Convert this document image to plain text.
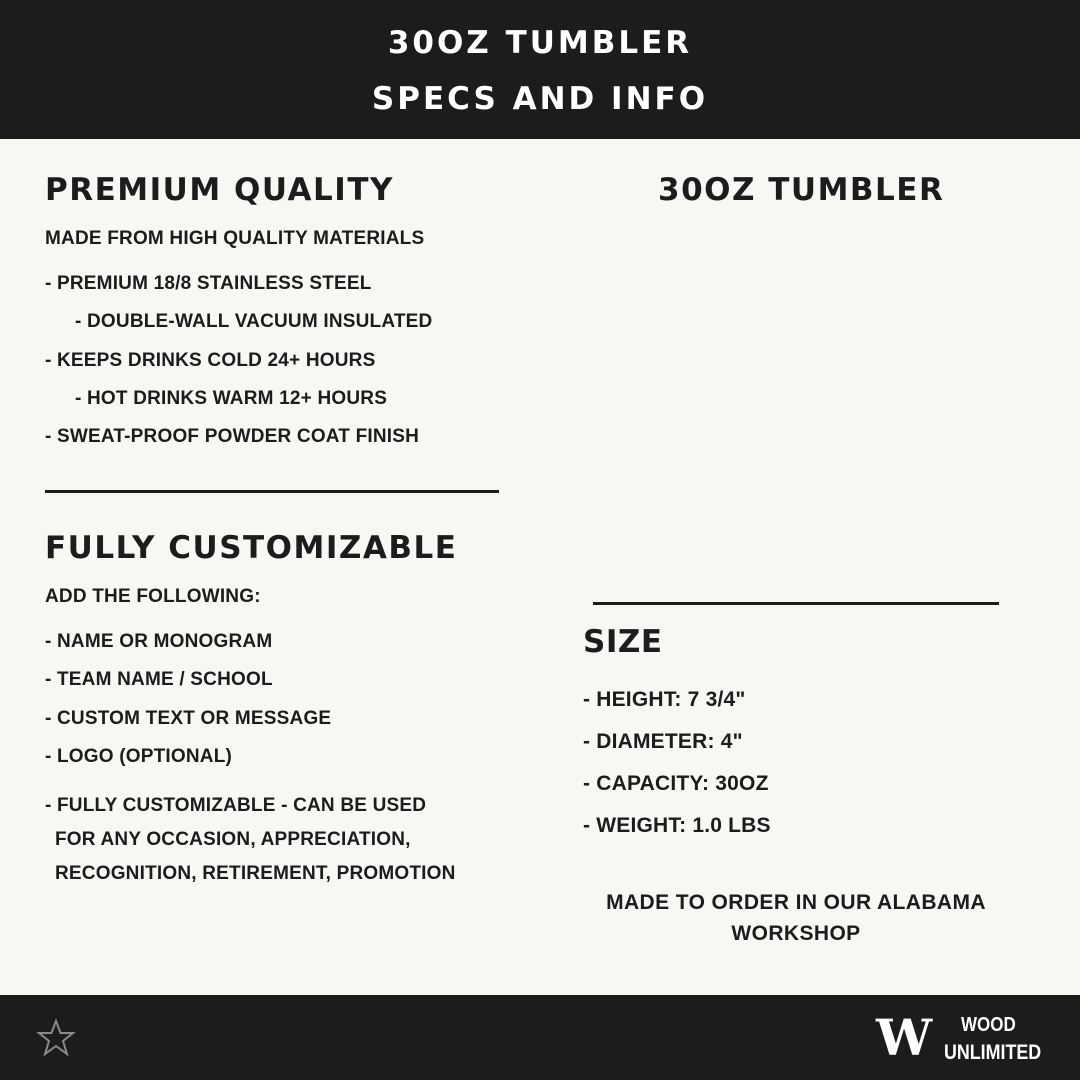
30OZ TUMBLER
SPECS AND INFO
PREMIUM QUALITY
MADE FROM HIGH QUALITY MATERIALS
- PREMIUM 18/8 STAINLESS STEEL
- DOUBLE-WALL VACUUM INSULATED
- KEEPS DRINKS COLD 24+ HOURS
- HOT DRINKS WARM 12+ HOURS
- SWEAT-PROOF POWDER COAT FINISH
FULLY CUSTOMIZABLE
ADD THE FOLLOWING:
- NAME OR MONOGRAM
- TEAM NAME / SCHOOL
- CUSTOM TEXT OR MESSAGE
- LOGO (OPTIONAL)
- FULLY CUSTOMIZABLE - CAN BE USED
FOR ANY OCCASION, APPRECIATION,
RECOGNITION, RETIREMENT, PROMOTION
30OZ TUMBLER
SIZE
- HEIGHT: 7 3/4"
- DIAMETER: 4"
- CAPACITY: 30OZ
- WEIGHT: 1.0 LBS
MADE TO ORDER IN OUR ALABAMA
WORKSHOP
W	WOOD
UNLIMITED
